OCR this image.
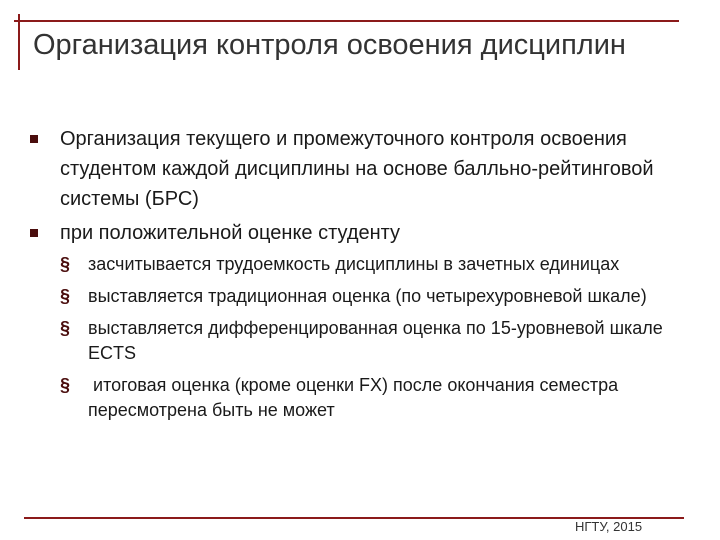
Организация контроля освоения дисциплин
Организация текущего и промежуточного контроля освоения студентом каждой дисциплины на основе балльно-рейтинговой системы (БРС)
при положительной оценке студенту
§ засчитывается трудоемкость дисциплины в зачетных единицах
§ выставляется традиционная оценка (по четырехуровневой шкале)
§ выставляется дифференцированная оценка по 15-уровневой шкале ECTS
§ итоговая оценка (кроме оценки FX) после окончания семестра пересмотрена быть не может
НГТУ, 2015
